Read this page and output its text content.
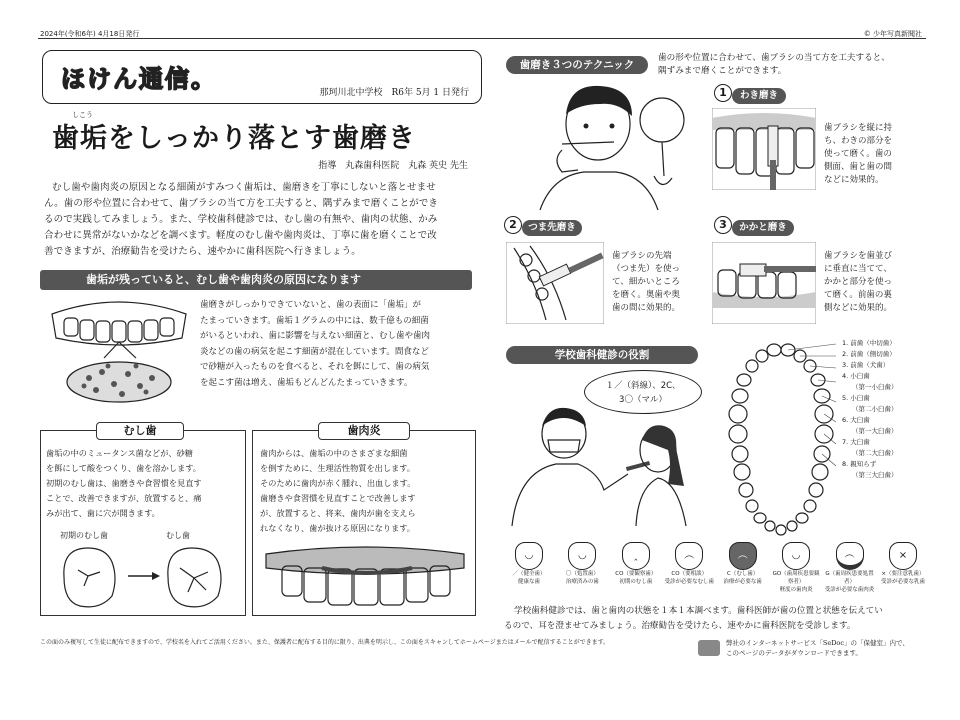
2024年(令和6年) 4月18日発行	© 少年写真新聞社
ほけん通信。	那珂川北中学校　R6年 5月 1 日発行
しこう
歯垢をしっかり落とす歯磨き
指導　丸森歯科医院　丸森 英史 先生
むし歯や歯肉炎の原因となる細菌がすみつく歯垢は、歯磨きを丁寧にしないと落とせませ
ん。歯の形や位置に合わせて、歯ブラシの当て方を工夫すると、隅ずみまで磨くことができ
るので実践してみましょう。また、学校歯科健診では、むし歯の有無や、歯肉の状態、かみ
合わせに異常がないかなどを調べます。軽度のむし歯や歯肉炎は、丁寧に歯を磨くことで改
善できますが、治療勧告を受けたら、速やかに歯科医院へ行きましょう。
歯垢が残っていると、むし歯や歯肉炎の原因になります
歯磨きがしっかりできていないと、歯の表面に「歯垢」が
たまっていきます。歯垢１グラムの中には、数千億もの細菌
がいるといわれ、歯に影響を与えない細菌と、むし歯や歯肉
炎などの歯の病気を起こす細菌が混在しています。間食など
で砂糖が入ったものを食べると、それを餌にして、歯の病気
を起こす菌は増え、歯垢もどんどんたまっていきます。
むし歯
歯垢の中のミュータンス菌などが、砂糖
を餌にして酸をつくり、歯を溶かします。
初期のむし歯は、歯磨きや食習慣を見直す
ことで、改善できますが、放置すると、痛
みが出て、歯に穴が開きます。
初期のむし歯	むし歯
歯肉炎
歯肉からは、歯垢の中のさまざまな細菌
を倒すために、生理活性物質を出します。
そのために歯肉が赤く腫れ、出血します。
歯磨きや食習慣を見直すことで改善します
が、放置すると、将来、歯肉が歯を支えら
れなくなり、歯が抜ける原因になります。
歯磨き３つのテクニック
歯の形や位置に合わせて、歯ブラシの当て方を工夫すると、
隅ずみまで磨くことができます。
1	わき磨き
歯ブラシを縦に持
ち、わきの部分を
使って磨く。歯の
側面、歯と歯の間
などに効果的。
2	つま先磨き
歯ブラシの先端
（つま先）を使っ
て、細かいところ
を磨く。奥歯や奥
歯の間に効果的。
3	かかと磨き
歯ブラシを歯並び
に垂直に当てて、
かかと部分を使っ
て磨く。前歯の裏
側などに効果的。
学校歯科健診の役割
１／（斜線）、2C、
3〇（マル）
1. 前歯（中切歯）
2. 前歯（側切歯）
3. 前歯（犬歯）
4. 小臼歯
（第一小臼歯）
5. 小臼歯
（第二小臼歯）
6. 大臼歯
（第一大臼歯）
7. 大臼歯
（第二大臼歯）
8. 親知らず
（第三大臼歯）
◡
／（健全歯）
健康な歯
◡
〇（処置歯）
治療済みの歯
‸
CO（要観察歯）
初期のむし歯
︵
CO（要相談）
受診が必要なむし歯
︵
C（むし歯）
治療が必要な歯
◡
GO（歯周疾患要観察者）
軽度の歯肉炎
︵
G（歯周疾患要処置者）
受診が必要な歯肉炎
×
×（要注意乳歯）
受診が必要な乳歯
学校歯科健診では、歯と歯肉の状態を１本１本調べます。歯科医師が歯の位置と状態を伝えてい
るので、耳を澄ませてみましょう。治療勧告を受けたら、速やかに歯科医院を受診します。
この面のみ複写して生徒に配布できますので、学校名を入れてご活用ください。また、保護者に配布する目的に限り、出典を明示し、この面をスキャンしてホームページまたはメールで配信することができます。	弊社のインターネットサービス「SeDoc」の「保健室」内で、
このページのデータがダウンロードできます。
